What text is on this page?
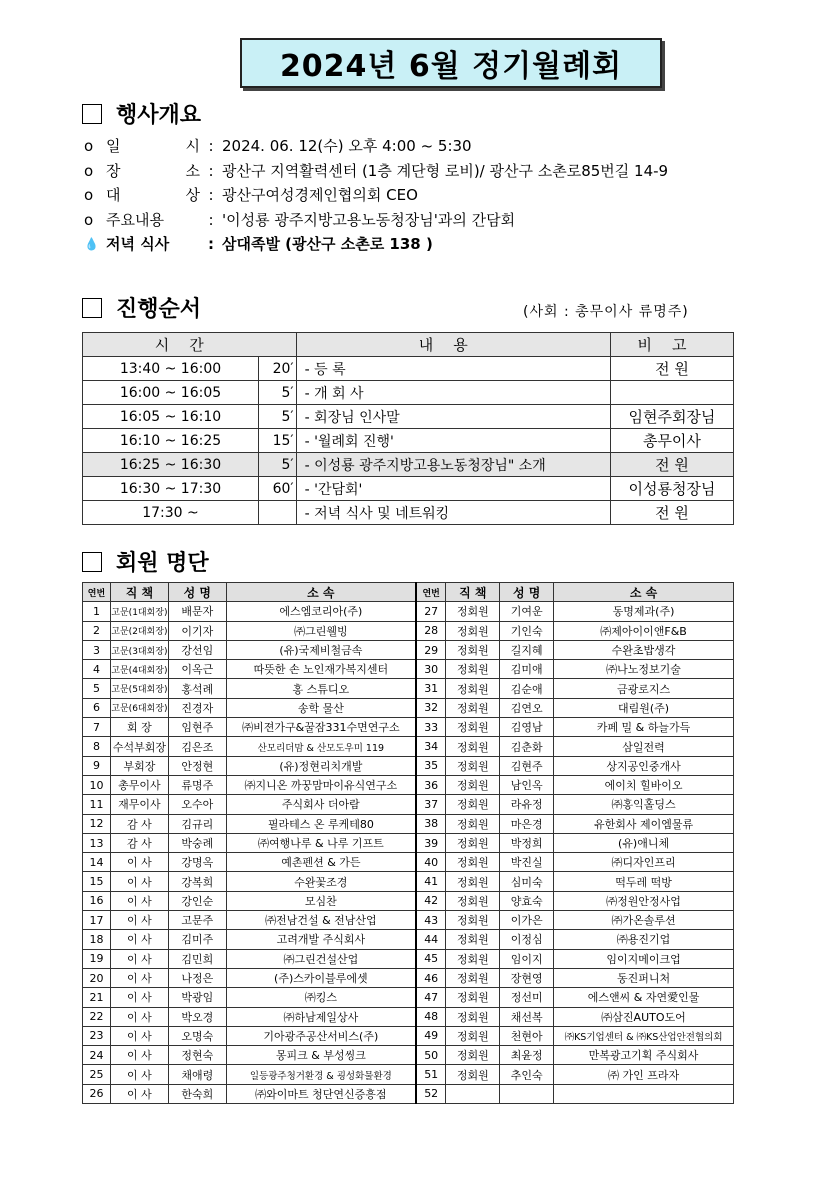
2024년 6월 정기월례회
행사개요
o 일	시 : 2024. 06. 12(수) 오후 4:00 ~ 5:30
o 장	소 : 광산구 지역활력센터 (1층 계단형 로비)/ 광산구 소촌로85번길 14-9
o 대	상 : 광산구여성경제인협의회 CEO
o 주요내용	: '이성룡 광주지방고용노동청장님'과의 간담회
💧 저녁 식사	: 삼대족발 (광산구 소촌로 138 )
진행순서	(사회 : 총무이사 류명주)
시간		내용	비고
13:40 ~ 16:00	20′	- 등 록	전 원
16:00 ~ 16:05	5′	- 개 회 사	
16:05 ~ 16:10	5′	- 회장님 인사말	임현주회장님
16:10 ~ 16:25	15′	- '월례회 진행'	총무이사
16:25 ~ 16:30	5′	- 이성룡 광주지방고용노동청장님" 소개	전 원
16:30 ~ 17:30	60′	- '간담회'	이성룡청장님
17:30 ~		- 저녁 식사 및 네트워킹	전 원
회원 명단
연번	직 책	성 명	소 속	연번	직 책	성 명	소 속
1	고문(1대회장)	배문자	에스엠코리아(주)	27	정회원	기여운	동명제과(주)
2	고문(2대회장)	이기자	㈜그린웰빙	28	정회원	기인숙	㈜제아이이앤F&B
3	고문(3대회장)	강선임	(유)국제비철금속	29	정회원	길지혜	수완초밥생각
4	고문(4대회장)	이옥근	따뜻한 손 노인재가복지센터	30	정회원	김미애	㈜나노정보기술
5	고문(5대회장)	홍석례	홍 스튜디오	31	정회원	김순애	금광로지스
6	고문(6대회장)	진경자	송학 물산	32	정회원	김연오	대림원(주)
7	회 장	임현주	㈜비젼가구&꿀잠331수면연구소	33	정회원	김영남	카페 밀 & 하늘가득
8	수석부회장	김은조	산모리더맘 & 산모도우미 119	34	정회원	김춘화	삼일전력
9	부회장	안정현	(유)정현리치개발	35	정회원	김현주	상지공인중개사
10	총무이사	류명주	㈜지니온 까꿍맘마이유식연구소	36	정회원	남인옥	에이치 힐바이오
11	재무이사	오수아	주식회사 더아람	37	정회원	라유정	㈜홍익홀딩스
12	감 사	김규리	필라테스 온 루케테80	38	정회원	마은경	유한회사 제이엠물류
13	감 사	박숭례	㈜여행나루 & 나루 기프트	39	정회원	박정희	(유)애니체
14	이 사	강명옥	예촌펜션 & 가든	40	정회원	박진실	㈜디자인프리
15	이 사	강복희	수완꽃조경	41	정회원	심미숙	떡두레 떡방
16	이 사	강인순	모심찬	42	정회원	양효숙	㈜정원안정사업
17	이 사	고문주	㈜전남건설 & 전남산업	43	정회원	이가은	㈜가온솔루션
18	이 사	김미주	고려개발 주식회사	44	정회원	이정심	㈜용진기업
19	이 사	김민희	㈜그린건설산업	45	정회원	임이지	임이지메이크업
20	이 사	나정은	(주)스카이블루에셋	46	정회원	장현영	동진퍼니처
21	이 사	박광임	㈜킹스	47	정회원	정선미	에스앤씨 & 자연愛인물
22	이 사	박오경	㈜하남제일상사	48	정회원	채선복	㈜삼진AUTO도어
23	이 사	오명숙	기아광주공산서비스(주)	49	정회원	천현아	㈜KS기업센터 & ㈜KS산업안전협의회
24	이 사	정현숙	몽피크 & 부성씽크	50	정회원	최윤정	만복광고기획 주식회사
25	이 사	채애령	일등광주청거환경 & 굉성화물환경	51	정회원	추인숙	㈜ 가인 프라자
26	이 사	한숙희	㈜와이마트 청단연신증흥점	52			
